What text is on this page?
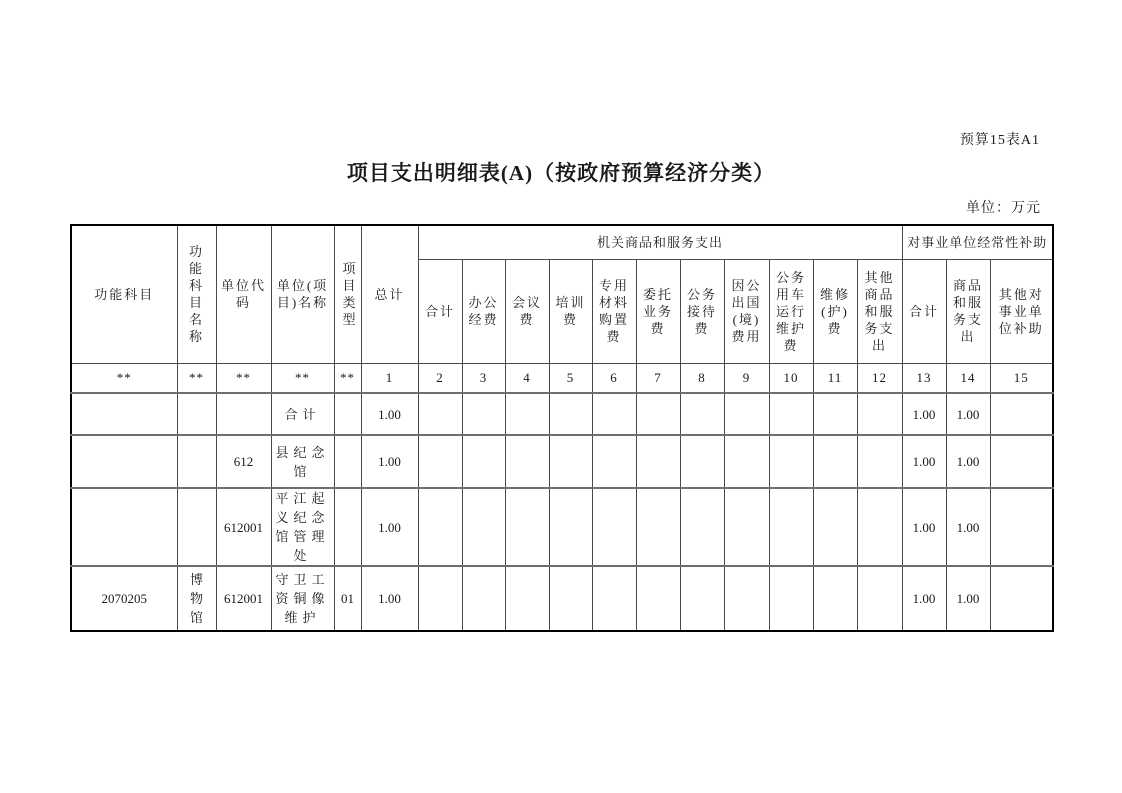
预算15表A1
项目支出明细表(A)（按政府预算经济分类）
单位：万元
功能科目	功能科目名称	单位代码	单位(项目)名称	项目类型	总计	机关商品和服务支出											对事业单位经常性补助		
						合计	办公经费	会议费	培训费	专用材料购置费	委托业务费	公务接待费	因公出国(境)费用	公务用车运行维护费	维修(护)费	其他商品和服务支出	合计	商品和服务支出	其他对事业单位补助
**	**	**	**	**	1	2	3	4	5	6	7	8	9	10	11	12	13	14	15
			合计		1.00												1.00	1.00	
		612	县纪念馆		1.00												1.00	1.00	
		612001	平江起义纪念馆管理处		1.00												1.00	1.00	
2070205	博物馆	612001	守卫工资铜像维护	01	1.00												1.00	1.00	
